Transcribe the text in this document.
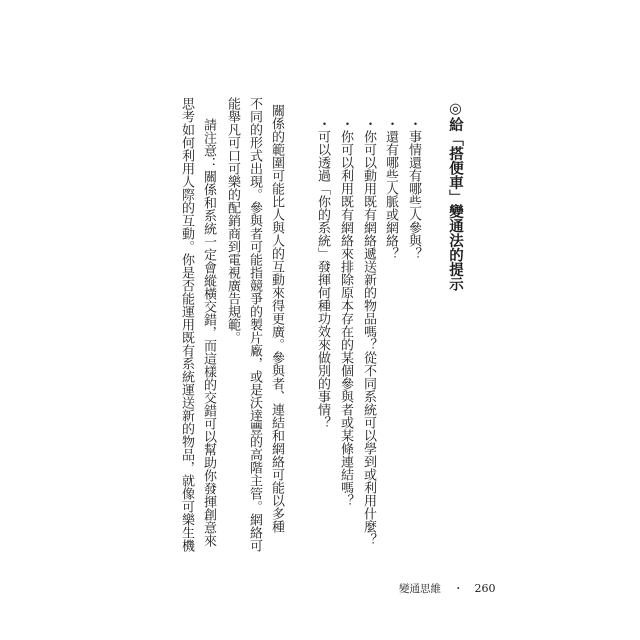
◎給「搭便車」變通法的提示
・事情還有哪些人參與？
・還有哪些人脈或網絡？
・你可以動用既有網絡遞送新的物品嗎？從不同系統可以學到或利用什麼？
・你可以利用既有網絡來排除原本存在的某個參與者或某條連結嗎？
・可以透過「你的系統」發揮何種功效來做別的事情？
關係的範圍可能比人與人的互動來得更廣。參與者、連結和網絡可能以多種
不同的形式出現。參與者可能指競爭的製片廠，或是沃達豐的高階主管。網絡可
能舉凡可口可樂的配銷商到電視廣告規範。
請注意：關係和系統一定會縱橫交錯，而這樣的交錯可以幫助你發揮創意來
思考如何利用人際的互動。你是否能運用既有系統運送新的物品，就像可樂生機
變通思維 ・ 260
